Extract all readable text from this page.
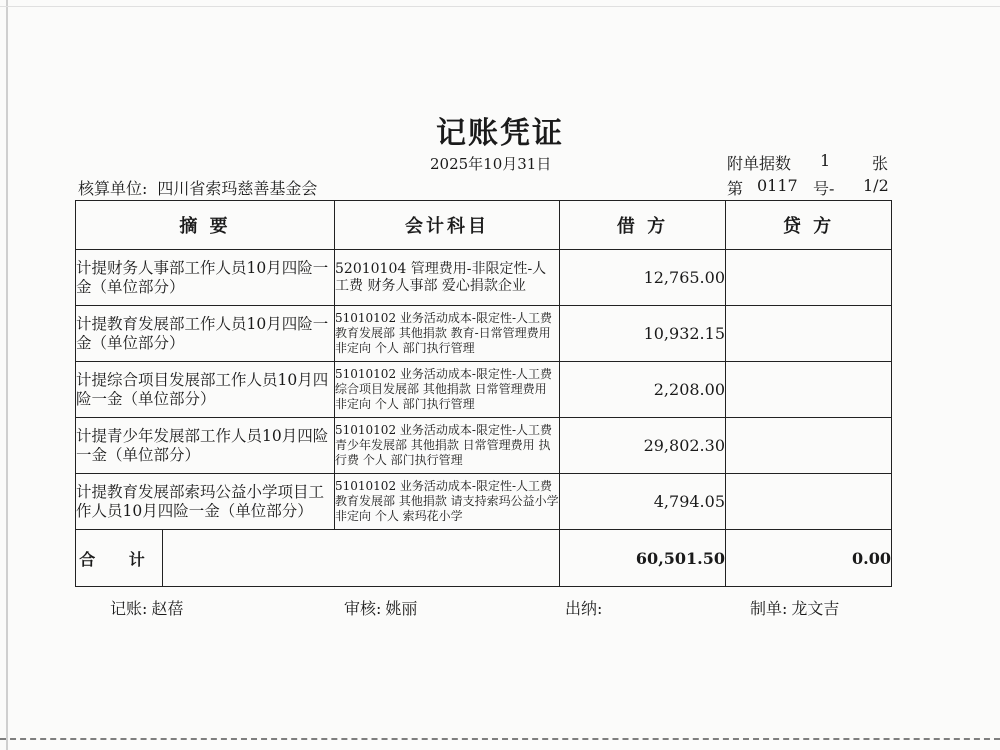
记账凭证
2025年10月31日	附单据数 1	张
核算单位: 四川省索玛慈善基金会	第 0117 号- 1/2
摘 要	会计科目	借 方	贷 方
计提财务人事部工作人员10月四险一金（单位部分）	52010104 管理费用-非限定性-人工费 财务人事部 爱心捐款企业	12,765.00	
计提教育发展部工作人员10月四险一金（单位部分）	51010102 业务活动成本-限定性-人工费 教育发展部 其他捐款 教育-日常管理费用 非定向 个人 部门执行管理	10,932.15	
计提综合项目发展部工作人员10月四险一金（单位部分）	51010102 业务活动成本-限定性-人工费 综合项目发展部 其他捐款 日常管理费用 非定向 个人 部门执行管理	2,208.00	
计提青少年发展部工作人员10月四险一金（单位部分）	51010102 业务活动成本-限定性-人工费 青少年发展部 其他捐款 日常管理费用 执行费 个人 部门执行管理	29,802.30	
计提教育发展部索玛公益小学项目工作人员10月四险一金（单位部分）	51010102 业务活动成本-限定性-人工费 教育发展部 其他捐款 请支持索玛公益小学 非定向 个人 索玛花小学	4,794.05	

合 计		60,501.50	0.00
记账: 赵蓓	审核: 姚丽	出纳:	制单: 龙文吉
